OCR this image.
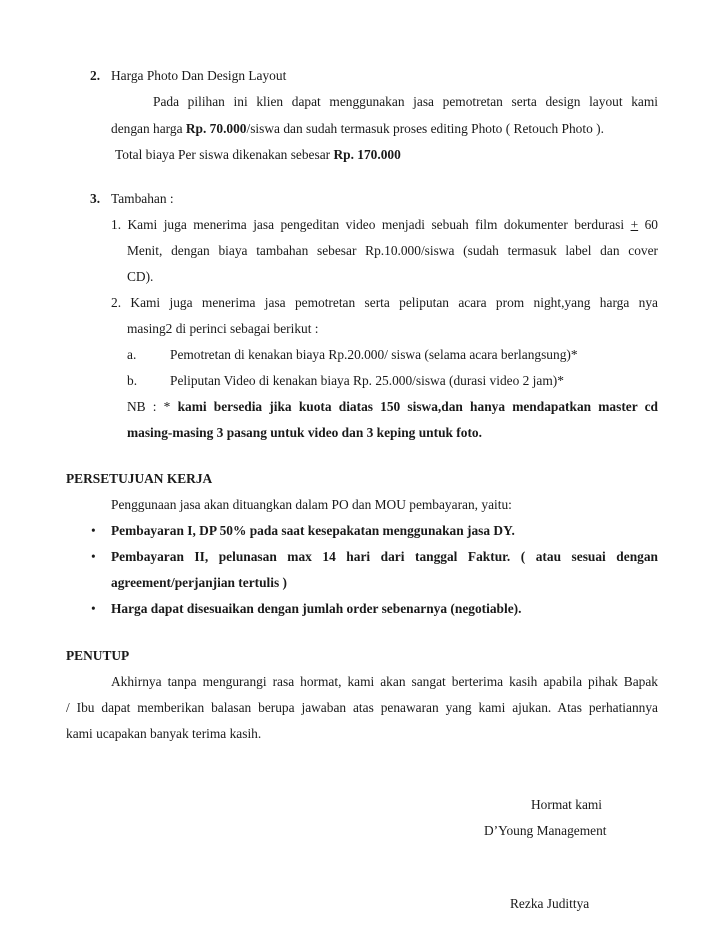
2. Harga Photo Dan Design Layout
Pada pilihan ini klien dapat menggunakan jasa pemotretan serta design layout kami
dengan harga Rp. 70.000/siswa dan sudah termasuk proses editing Photo ( Retouch Photo ).
Total biaya Per siswa dikenakan sebesar Rp. 170.000
3. Tambahan :
1. Kami juga menerima jasa pengeditan video menjadi sebuah film dokumenter berdurasi + 60
Menit, dengan biaya tambahan sebesar Rp.10.000/siswa (sudah termasuk label dan cover
CD).
2. Kami juga menerima jasa pemotretan serta peliputan acara prom night,yang harga nya
masing2 di perinci sebagai berikut :
a.	Pemotretan di kenakan biaya Rp.20.000/ siswa (selama acara berlangsung)*
b. Peliputan Video di kenakan biaya Rp. 25.000/siswa (durasi video 2 jam)*
NB : * kami bersedia jika kuota diatas 150 siswa,dan hanya mendapatkan master cd
masing-masing 3 pasang untuk video dan 3 keping untuk foto.
PERSETUJUAN KERJA
Penggunaan jasa akan dituangkan dalam PO dan MOU pembayaran, yaitu:
• Pembayaran I, DP 50% pada saat kesepakatan menggunakan jasa DY.
• Pembayaran II, pelunasan max 14 hari dari tanggal Faktur. ( atau sesuai dengan
agreement/perjanjian tertulis )
• Harga dapat disesuaikan dengan jumlah order sebenarnya (negotiable).
PENUTUP
Akhirnya tanpa mengurangi rasa hormat, kami akan sangat berterima kasih apabila pihak Bapak
/ Ibu dapat memberikan balasan berupa jawaban atas penawaran yang kami ajukan. Atas perhatiannya
kami ucapakan banyak terima kasih.
Hormat kami
D’Young Management
Rezka Judittya
